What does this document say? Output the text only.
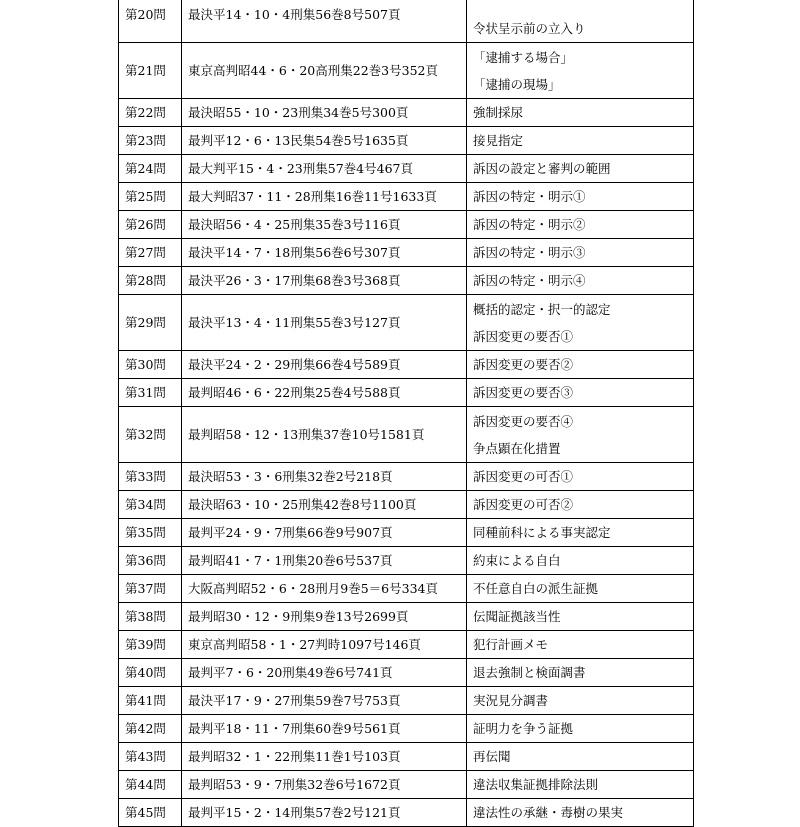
第20問	最決平14・10・4刑集56巻8号507頁	令状呈示前の立入り

第21問	東京高判昭44・6・20高刑集22巻3号352頁	「逮捕する場合」
「逮捕の現場」

第22問	最決昭55・10・23刑集34巻5号300頁	強制採尿
第23問	最判平12・6・13民集54巻5号1635頁	接見指定
第24問	最大判平15・4・23刑集57巻4号467頁	訴因の設定と審判の範囲
第25問	最大判昭37・11・28刑集16巻11号1633頁	訴因の特定・明示①
第26問	最決昭56・4・25刑集35巻3号116頁	訴因の特定・明示②
第27問	最決平14・7・18刑集56巻6号307頁	訴因の特定・明示③
第28問	最決平26・3・17刑集68巻3号368頁	訴因の特定・明示④
第29問	最決平13・4・11刑集55巻3号127頁	概括的認定・択一的認定
訴因変更の要否①

第30問	最決平24・2・29刑集66巻4号589頁	訴因変更の要否②
第31問	最判昭46・6・22刑集25巻4号588頁	訴因変更の要否③
第32問	最判昭58・12・13刑集37巻10号1581頁	訴因変更の要否④
争点顕在化措置

第33問	最決昭53・3・6刑集32巻2号218頁	訴因変更の可否①
第34問	最決昭63・10・25刑集42巻8号1100頁	訴因変更の可否②
第35問	最判平24・9・7刑集66巻9号907頁	同種前科による事実認定
第36問	最判昭41・7・1刑集20巻6号537頁	約束による自白
第37問	大阪高判昭52・6・28刑月9巻5＝6号334頁	不任意自白の派生証拠
第38問	最判昭30・12・9刑集9巻13号2699頁	伝聞証拠該当性
第39問	東京高判昭58・1・27判時1097号146頁	犯行計画メモ
第40問	最判平7・6・20刑集49巻6号741頁	退去強制と検面調書
第41問	最決平17・9・27刑集59巻7号753頁	実況見分調書
第42問	最判平18・11・7刑集60巻9号561頁	証明力を争う証拠
第43問	最判昭32・1・22刑集11巻1号103頁	再伝聞
第44問	最判昭53・9・7刑集32巻6号1672頁	違法収集証拠排除法則
第45問	最判平15・2・14刑集57巻2号121頁	違法性の承継・毒樹の果実
